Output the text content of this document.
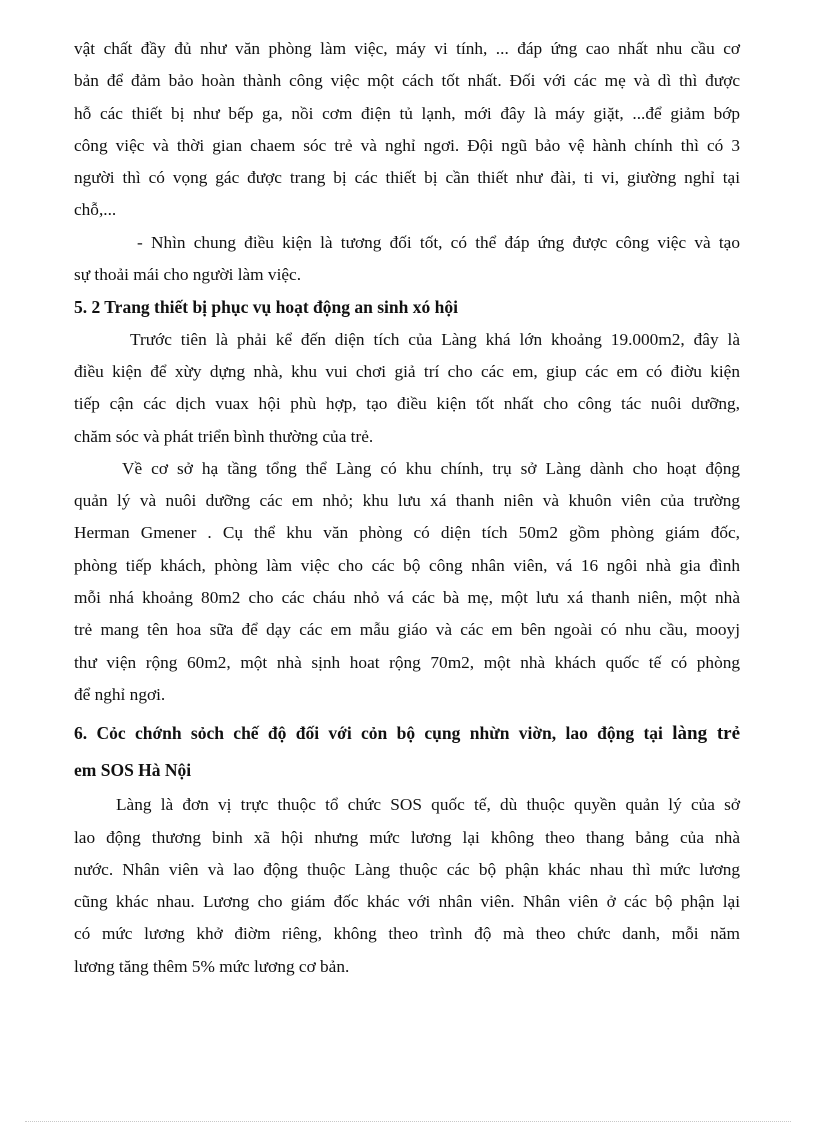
vật chất đầy đủ như văn phòng làm việc, máy vi tính, ... đáp ứng cao nhất nhu cầu cơ
bản để đảm bảo hoàn thành công việc một cách tốt nhất. Đối với các mẹ và dì thì được
hỗ các thiết bị như bếp ga, nồi cơm điện tủ lạnh, mới đây là máy giặt, ...để giảm bớp
công việc và thời gian chaem sóc trẻ và nghỉ ngơi. Đội ngũ bảo vệ hành chính thì có 3
người thì có vọng gác được trang bị các thiết bị cần thiết như đài, ti vi, giường nghỉ tại
chỗ,...
- Nhìn chung điều kiện là tương đối tốt, có thể đáp ứng được công việc và tạo
sự thoải mái cho người làm việc.
5. 2 Trang thiết bị phục vụ hoạt động an sinh xó hội
Trước tiên là phải kể đến diện tích của Làng khá lớn khoảng 19.000m2, đây là
điều kiện để xừy dựng nhà, khu vui chơi giả trí cho các em, giup các em có điờu kiện
tiếp cận các dịch vuax hội phù hợp, tạo điều kiện tốt nhất cho công tác nuôi dưỡng,
chăm sóc và phát triển bình thường của trẻ.
Về cơ sở hạ tầng tổng thể Làng có khu chính, trụ sở Làng dành cho hoạt động
quản lý và nuôi dưỡng các em nhỏ; khu lưu xá thanh niên và khuôn viên của trường
Herman Gmener . Cụ thể khu văn phòng có diện tích 50m2 gồm phòng giám đốc,
phòng tiếp khách, phòng làm việc cho các bộ công nhân viên, vá 16 ngôi nhà gia đình
mỗi nhá khoảng 80m2 cho các cháu nhỏ vá các bà mẹ, một lưu xá thanh niên, một nhà
trẻ mang tên hoa sữa để dạy các em mẫu giáo và các em bên ngoài có nhu cầu, mooyj
thư viện rộng 60m2, một nhà sịnh hoat rộng 70m2, một nhà khách quốc tế có phòng
để nghỉ ngơi.
6. Cỏc chớnh sỏch chế độ đối với cỏn bộ cụng nhừn viờn, lao động tại làng trẻ
em SOS Hà Nội
Làng là đơn vị trực thuộc tổ chức SOS quốc tế, dù thuộc quyền quản lý của sở
lao động thương binh xã hội nhưng mức lương lại không theo thang bảng của nhà
nước. Nhân viên và lao động thuộc Làng thuộc các bộ phận khác nhau thì mức lương
cũng khác nhau. Lương cho giám đốc khác với nhân viên. Nhân viên ở các bộ phận lại
có mức lương khở điờm riêng, không theo trình độ mà theo chức danh, mỗi năm
lương tăng thêm 5% mức lương cơ bản.
